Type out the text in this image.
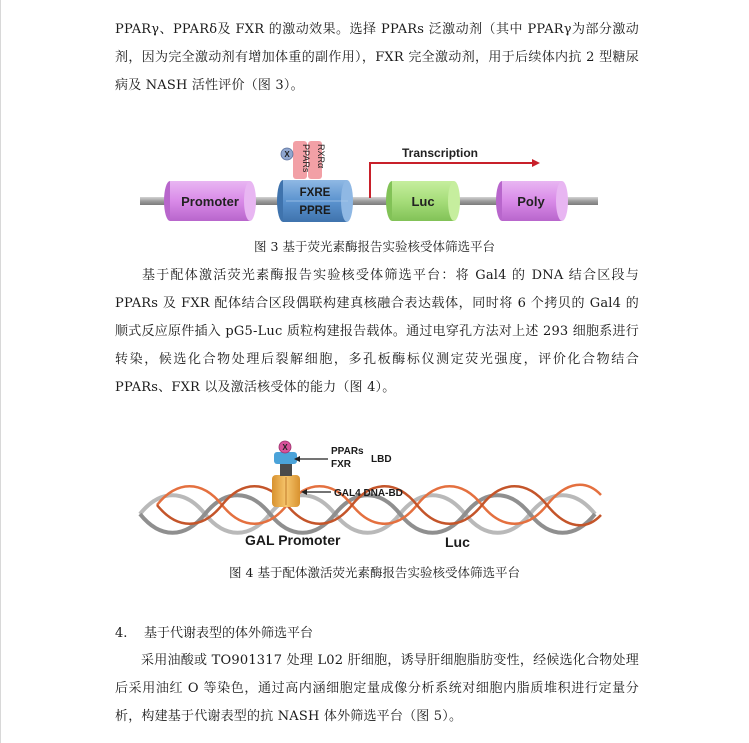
PPARγ、PPARδ及 FXR 的激动效果。选择 PPARs 泛激动剂（其中 PPARγ为部分激动剂，因为完全激动剂有增加体重的副作用），FXR 完全激动剂，用于后续体内抗 2 型糖尿病及 NASH 活性评价（图 3）。
PPARs RXRα
X	Transcription
Promoter
FXRE
PPRE
Luc	Poly
图 3 基于荧光素酶报告实验核受体筛选平台
基于配体激活荧光素酶报告实验核受体筛选平台：将 Gal4 的 DNA 结合区段与 PPARs 及 FXR 配体结合区段偶联构建真核融合表达载体，同时将 6 个拷贝的 Gal4 的顺式反应原件插入 pG5-Luc 质粒构建报告载体。通过电穿孔方法对上述 293 细胞系进行转染，候选化合物处理后裂解细胞，多孔板酶标仪测定荧光强度，评价化合物结合 PPARs、FXR 以及激活核受体的能力（图 4）。
X	PPARs
FXR LBD
GAL4 DNA-BD
GAL Promoter	Luc
图 4 基于配体激活荧光素酶报告实验核受体筛选平台
4. 基于代谢表型的体外筛选平台
采用油酸或 TO901317 处理 L02 肝细胞，诱导肝细胞脂肪变性，经候选化合物处理后采用油红 O 等染色，通过高内涵细胞定量成像分析系统对细胞内脂质堆积进行定量分析，构建基于代谢表型的抗 NASH 体外筛选平台（图 5）。
